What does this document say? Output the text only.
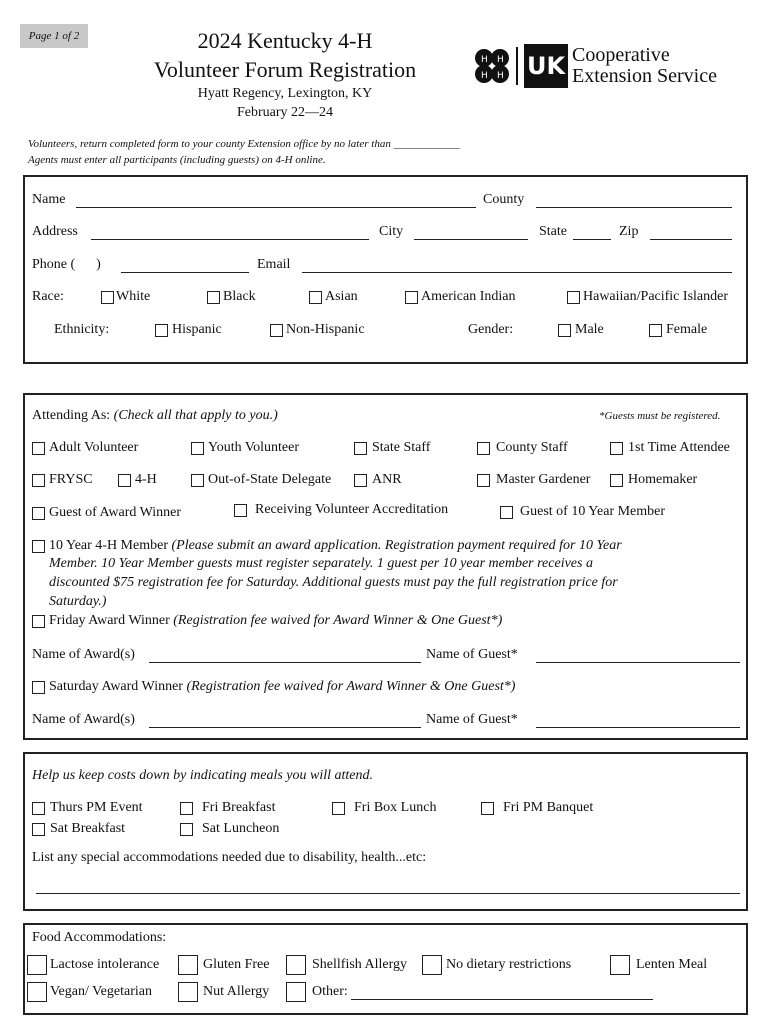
Page 1 of 2	2024 Kentucky 4-H
Volunteer Forum Registration
Hyatt Regency, Lexington, KY
February 22—24
H H
H H UK Cooperative
Extension Service
Volunteers, return completed form to your county Extension office by no later than ____________
Agents must enter all participants (including guests) on 4-H online.
Name	County
Address	City	State	Zip
Phone (      )	Email
Race:	White	Black	Asian	American Indian	Hawaiian/Pacific Islander
Ethnicity:	Hispanic	Non-Hispanic	Gender:	Male	Female
Attending As: (Check all that apply to you.)	*Guests must be registered.
Adult Volunteer	Youth Volunteer	State Staff	County Staff	1st Time Attendee
FRYSC	4-H	Out-of-State Delegate	ANR	Master Gardener	Homemaker
Guest of Award Winner	Receiving Volunteer Accreditation	Guest of 10 Year Member
10 Year 4-H Member (Please submit an award application. Registration payment required for 10 Year
Member. 10 Year Member guests must register separately. 1 guest per 10 year member receives a
discounted $75 registration fee for Saturday. Additional guests must pay the full registration price for
Saturday.)
Friday Award Winner (Registration fee waived for Award Winner & One Guest*)
Name of Award(s)	Name of Guest*
Saturday Award Winner (Registration fee waived for Award Winner & One Guest*)
Name of Award(s)	Name of Guest*
Help us keep costs down by indicating meals you will attend.
Thurs PM Event	Fri Breakfast	Fri Box Lunch	Fri PM Banquet
Sat Breakfast	Sat Luncheon
List any special accommodations needed due to disability, health...etc:
Food Accommodations:
Lactose intolerance	Gluten Free	Shellfish Allergy	No dietary restrictions	Lenten Meal
Vegan/ Vegetarian	Nut Allergy	Other:
